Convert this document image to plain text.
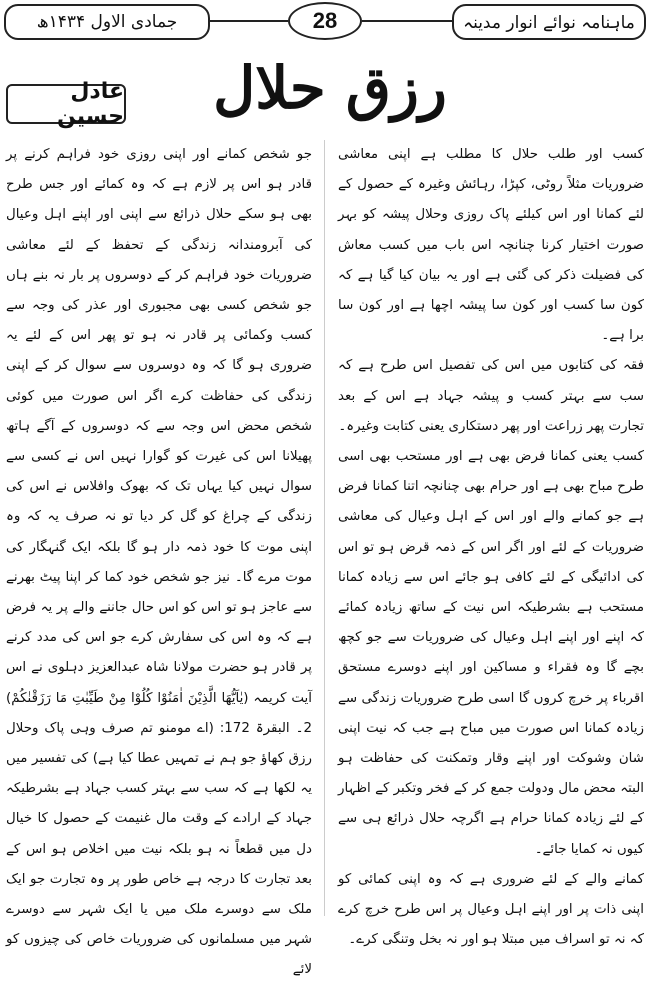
ماہنامہ نوائے انوار مدینہ
28
جمادی الاول ۱۴۳۴ھ
رزق حلال
عادل حسین

کسب اور طلب حلال کا مطلب ہے اپنی معاشی ضروریات مثلاً روٹی، کپڑا، رہائش وغیرہ کے حصول کے لئے کمانا اور اس کیلئے پاک روزی وحلال پیشہ کو بہر صورت اختیار کرنا چنانچہ اس باب میں کسب معاش کی فضیلت ذکر کی گئی ہے اور یہ بیان کیا گیا ہے کہ کون سا کسب اور کون سا پیشہ اچھا ہے اور کون سا برا ہے۔

فقہ کی کتابوں میں اس کی تفصیل اس طرح ہے کہ سب سے بہتر کسب و پیشہ جہاد ہے اس کے بعد تجارت پھر زراعت اور پھر دستکاری یعنی کتابت وغیرہ۔

کسب یعنی کمانا فرض بھی ہے اور مستحب بھی اسی طرح مباح بھی ہے اور حرام بھی چنانچہ اتنا کمانا فرض ہے جو کمانے والے اور اس کے اہل وعیال کی معاشی ضروریات کے لئے اور اگر اس کے ذمہ قرض ہو تو اس کی ادائیگی کے لئے کافی ہو جائے اس سے زیادہ کمانا مستحب ہے بشرطیکہ اس نیت کے ساتھ زیادہ کمائے کہ اپنے اور اپنے اہل وعیال کی ضروریات سے جو کچھ بچے گا وہ فقراء و مساکین اور اپنے دوسرے مستحق اقرباء پر خرچ کروں گا اسی طرح ضروریات زندگی سے زیادہ کمانا اس صورت میں مباح ہے جب کہ نیت اپنی شان وشوکت اور اپنے وقار وتمکنت کی حفاظت ہو البتہ محض مال ودولت جمع کر کے فخر وتکبر کے اظہار کے لئے زیادہ کمانا حرام ہے اگرچہ حلال ذرائع ہی سے کیوں نہ کمایا جائے۔

کمانے والے کے لئے ضروری ہے کہ وہ اپنی کمائی کو اپنی ذات پر اور اپنے اہل وعیال پر اس طرح خرچ کرے کہ نہ تو اسراف میں مبتلا ہو اور نہ بخل وتنگی کرے۔

جو شخص کمانے اور اپنی روزی خود فراہم کرنے پر قادر ہو اس پر لازم ہے کہ وہ کمائے اور جس طرح بھی ہو سکے حلال ذرائع سے اپنی اور اپنے اہل وعیال کی آبرومندانہ زندگی کے تحفظ کے لئے معاشی ضروریات خود فراہم کر کے دوسروں پر بار نہ بنے ہاں جو شخص کسی بھی مجبوری اور عذر کی وجہ سے کسب وکمائی پر قادر نہ ہو تو پھر اس کے لئے یہ ضروری ہو گا کہ وہ دوسروں سے سوال کر کے اپنی زندگی کی حفاظت کرے اگر اس صورت میں کوئی شخص محض اس وجہ سے کہ دوسروں کے آگے ہاتھ پھیلانا اس کی غیرت کو گوارا نہیں اس نے کسی سے سوال نہیں کیا یہاں تک کہ بھوک وافلاس نے اس کی زندگی کے چراغ کو گل کر دیا تو نہ صرف یہ کہ وہ اپنی موت کا خود ذمہ دار ہو گا بلکہ ایک گنہگار کی موت مرے گا۔ نیز جو شخص خود کما کر اپنا پیٹ بھرنے سے عاجز ہو تو اس کو اس حال جاننے والے پر یہ فرض ہے کہ وہ اس کی سفارش کرے جو اس کی مدد کرنے پر قادر ہو حضرت مولانا شاہ عبدالعزیز دہلوی نے اس آیت کریمہ (یٰاَیُّھَا الَّذِیْنَ اٰمَنُوْا کُلُوْا مِنْ طَیِّبٰتِ مَا رَزَقْنٰکُمْ) 2۔ البقرۃ 172: (اے مومنو تم صرف وہی پاک وحلال رزق کھاؤ جو ہم نے تمہیں عطا کیا ہے) کی تفسیر میں یہ لکھا ہے کہ سب سے بہتر کسب جہاد ہے بشرطیکہ جہاد کے ارادے کے وقت مال غنیمت کے حصول کا خیال دل میں قطعاً نہ ہو بلکہ نیت میں اخلاص ہو اس کے بعد تجارت کا درجہ ہے خاص طور پر وہ تجارت جو ایک ملک سے دوسرے ملک میں یا ایک شہر سے دوسرے شہر میں مسلمانوں کی ضروریات خاص کی چیزوں کو لائے
